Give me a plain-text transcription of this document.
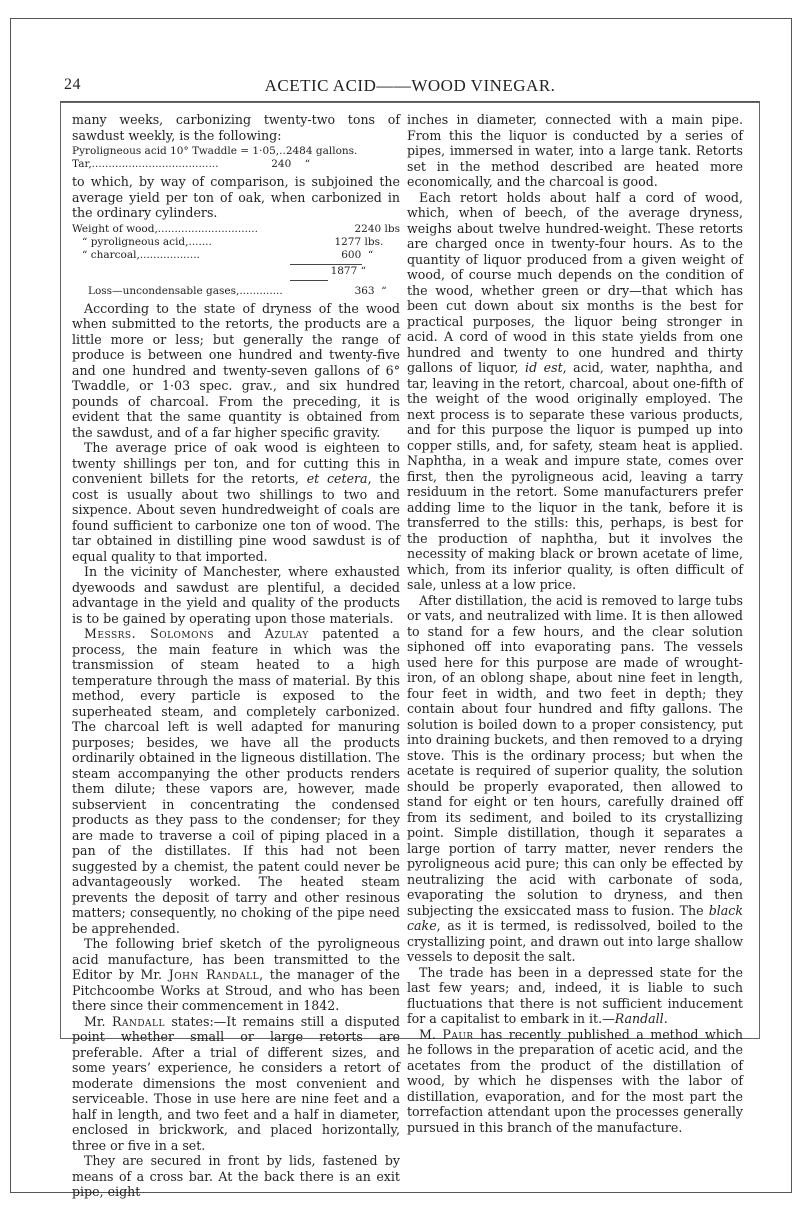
24	ACETIC ACID——WOOD VINEGAR.

many weeks, carbonizing twenty-two tons of sawdust weekly, is the following:

Pyroligneous acid 10° Twaddle = 1·05,..2484 gallons.
Tar,......................................	240    “

to which, by way of comparison, is subjoined the average yield per ton of oak, when carbonized in the ordinary cylinders.

Weight of wood,..............................	2240 lbs
“ pyroligneous acid,.......	1277 lbs.
“ charcoal,..................	600  “
1877 “
Loss—uncondensable gases,.............	363  “

According to the state of dryness of the wood when submitted to the retorts, the products are a little more or less; but generally the range of produce is between one hundred and twenty-five and one hundred and twenty-seven gallons of 6° Twaddle, or 1·03 spec. grav., and six hundred pounds of charcoal. From the preceding, it is evident that the same quantity is obtained from the sawdust, and of a far higher specific gravity.

The average price of oak wood is eighteen to twenty shillings per ton, and for cutting this in convenient billets for the retorts, et cetera, the cost is usually about two shillings to two and sixpence. About seven hundredweight of coals are found sufficient to carbonize one ton of wood. The tar obtained in distilling pine wood sawdust is of equal quality to that imported.

In the vicinity of Manchester, where exhausted dyewoods and sawdust are plentiful, a decided advantage in the yield and quality of the products is to be gained by operating upon those materials.

Messrs. Solomons and Azulay patented a process, the main feature in which was the transmission of steam heated to a high temperature through the mass of material. By this method, every particle is exposed to the superheated steam, and completely carbonized. The charcoal left is well adapted for manuring purposes; besides, we have all the products ordinarily obtained in the ligneous distillation. The steam accompanying the other products renders them dilute; these vapors are, however, made subservient in concentrating the condensed products as they pass to the condenser; for they are made to traverse a coil of piping placed in a pan of the distillates. If this had not been suggested by a chemist, the patent could never be advantageously worked. The heated steam prevents the deposit of tarry and other resinous matters; consequently, no choking of the pipe need be apprehended.

The following brief sketch of the pyroligneous acid manufacture, has been transmitted to the Editor by Mr. John Randall, the manager of the Pitchcoombe Works at Stroud, and who has been there since their commencement in 1842.

Mr. Randall states:—It remains still a disputed point whether small or large retorts are preferable. After a trial of different sizes, and some years’ experience, he considers a retort of moderate dimensions the most convenient and serviceable. Those in use here are nine feet and a half in length, and two feet and a half in diameter, enclosed in brickwork, and placed horizontally, three or five in a set.

They are secured in front by lids, fastened by means of a cross bar. At the back there is an exit pipe, eight

inches in diameter, connected with a main pipe. From this the liquor is conducted by a series of pipes, immersed in water, into a large tank. Retorts set in the method described are heated more economically, and the charcoal is good.

Each retort holds about half a cord of wood, which, when of beech, of the average dryness, weighs about twelve hundred-weight. These retorts are charged once in twenty-four hours. As to the quantity of liquor produced from a given weight of wood, of course much depends on the condition of the wood, whether green or dry—that which has been cut down about six months is the best for practical purposes, the liquor being stronger in acid. A cord of wood in this state yields from one hundred and twenty to one hundred and thirty gallons of liquor, id est, acid, water, naphtha, and tar, leaving in the retort, charcoal, about one-fifth of the weight of the wood originally employed. The next process is to separate these various products, and for this purpose the liquor is pumped up into copper stills, and, for safety, steam heat is applied. Naphtha, in a weak and impure state, comes over first, then the pyroligneous acid, leaving a tarry residuum in the retort. Some manufacturers prefer adding lime to the liquor in the tank, before it is transferred to the stills: this, perhaps, is best for the production of naphtha, but it involves the necessity of making black or brown acetate of lime, which, from its inferior quality, is often difficult of sale, unless at a low price.

After distillation, the acid is removed to large tubs or vats, and neutralized with lime. It is then allowed to stand for a few hours, and the clear solution siphoned off into evaporating pans. The vessels used here for this purpose are made of wrought-iron, of an oblong shape, about nine feet in length, four feet in width, and two feet in depth; they contain about four hundred and fifty gallons. The solution is boiled down to a proper consistency, put into draining buckets, and then removed to a drying stove. This is the ordinary process; but when the acetate is required of superior quality, the solution should be properly evaporated, then allowed to stand for eight or ten hours, carefully drained off from its sediment, and boiled to its crystallizing point. Simple distillation, though it separates a large portion of tarry matter, never renders the pyroligneous acid pure; this can only be effected by neutralizing the acid with carbonate of soda, evaporating the solution to dryness, and then subjecting the exsiccated mass to fusion. The black cake, as it is termed, is redissolved, boiled to the crystallizing point, and drawn out into large shallow vessels to deposit the salt.

The trade has been in a depressed state for the last few years; and, indeed, it is liable to such fluctuations that there is not sufficient inducement for a capitalist to embark in it.—Randall.

M. Paur has recently published a method which he follows in the preparation of acetic acid, and the acetates from the product of the distillation of wood, by which he dispenses with the labor of distillation, evaporation, and for the most part the torrefaction attendant upon the processes generally pursued in this branch of the manufacture.
